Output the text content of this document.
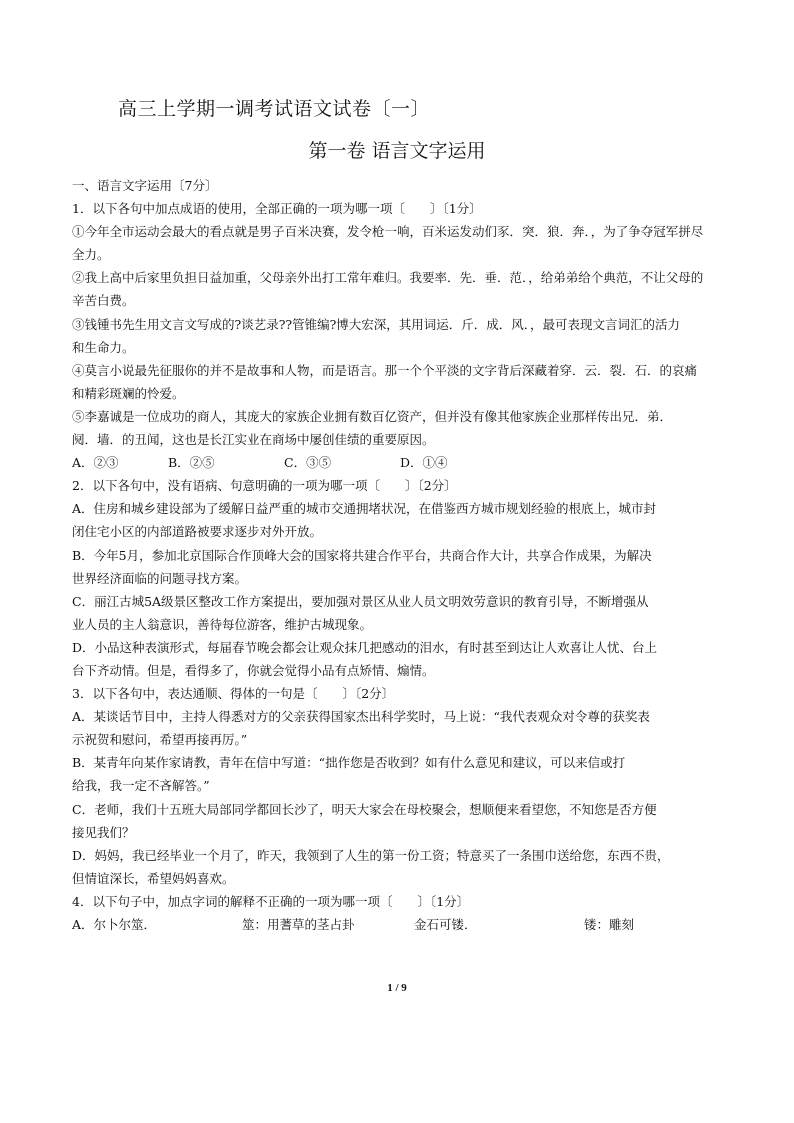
高三上学期一调考试语文试卷〔一〕
第一卷 语言文字运用
一、语言文字运用〔7分〕
1．以下各句中加点成语的使用，全部正确的一项为哪一项〔　　〕〔1分〕
①今年全市运动会最大的看点就是男子百米决赛，发令枪一响，百米运发动们豕．突．狼．奔．，为了争夺冠军拼尽
全力。
②我上高中后家里负担日益加重，父母亲外出打工常年难归。我要率．先．垂．范．，给弟弟给个典范，不让父母的
辛苦白费。
③钱锺书先生用文言文写成的?谈艺录??管锥编?博大宏深，其用词运．斤．成．风．，最可表现文言词汇的活力
和生命力。
④莫言小说最先征服你的并不是故事和人物，而是语言。那一个个平淡的文字背后深藏着穿．云．裂．石．的哀痛
和精彩斑斓的怜爱。
⑤李嘉诚是一位成功的商人，其庞大的家族企业拥有数百亿资产，但并没有像其他家族企业那样传出兄．弟．
阋．墙．的丑闻，这也是长江实业在商场中屡创佳绩的重要原因。
A．②③	B．②⑤	C．③⑤	D．①④
2．以下各句中，没有语病、句意明确的一项为哪一项〔　　〕〔2分〕
A．住房和城乡建设部为了缓解日益严重的城市交通拥堵状况，在借鉴西方城市规划经验的根底上，城市封
闭住宅小区的内部道路被要求逐步对外开放。
B．今年5月，参加北京国际合作顶峰大会的国家将共建合作平台，共商合作大计，共享合作成果，为解决
世界经济面临的问题寻找方案。
C．丽江古城5A级景区整改工作方案提出，要加强对景区从业人员文明效劳意识的教育引导，不断增强从
业人员的主人翁意识，善待每位游客，维护古城现象。
D．小品这种表演形式，每届春节晚会都会让观众抹几把感动的泪水，有时甚至到达让人欢喜让人忧、台上
台下齐动情。但是，看得多了，你就会觉得小品有点矫情、煽情。
3．以下各句中，表达通顺、得体的一句是〔　　〕〔2分〕
A．某谈话节目中，主持人得悉对方的父亲获得国家杰出科学奖时，马上说：“我代表观众对令尊的获奖表
示祝贺和慰问，希望再接再厉。”
B．某青年向某作家请教，青年在信中写道：“拙作您是否收到？如有什么意见和建议，可以来信或打
给我，我一定不吝解答。”
C．老师，我们十五班大局部同学都回长沙了，明天大家会在母校聚会，想顺便来看望您，不知您是否方便
接见我们？
D．妈妈，我已经毕业一个月了，昨天，我领到了人生的第一份工资；特意买了一条围巾送给您，东西不贵，
但情谊深长，希望妈妈喜欢。
4．以下句子中，加点字词的解释不正确的一项为哪一项〔　　〕〔1分〕
A．尔卜尔筮．	筮：用蓍草的茎占卦	金石可镂．	镂：雕刻
1 / 9
